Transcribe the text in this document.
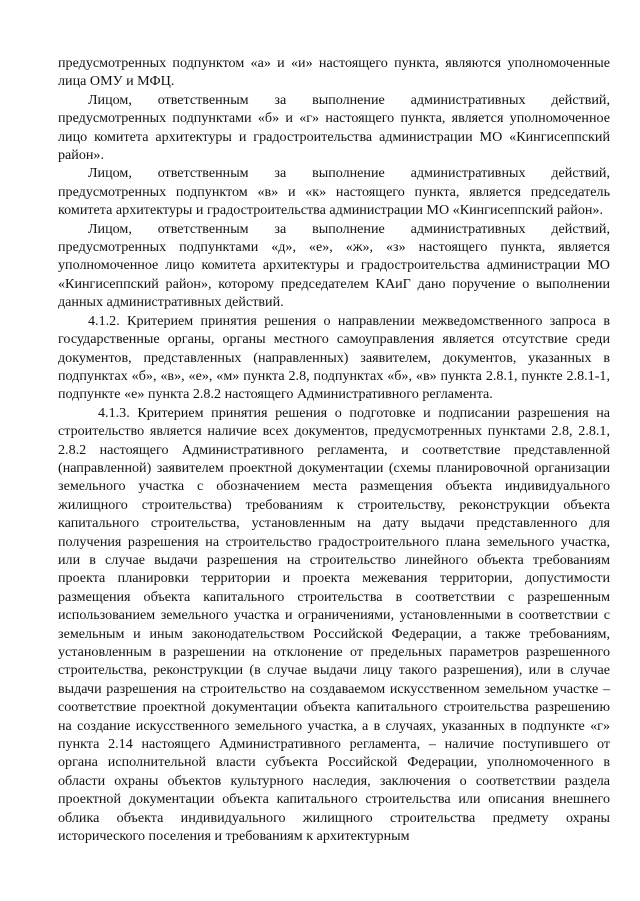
предусмотренных подпунктом «а» и «и» настоящего пункта, являются уполномоченные лица ОМУ и МФЦ.

Лицом, ответственным за выполнение административных действий, предусмотренных подпунктами «б» и «г» настоящего пункта, является уполномоченное лицо комитета архитектуры и градостроительства администрации МО «Кингисеппский район».

Лицом, ответственным за выполнение административных действий, предусмотренных подпунктом «в» и «к» настоящего пункта, является председатель комитета архитектуры и градостроительства администрации МО «Кингисеппский район».

Лицом, ответственным за выполнение административных действий, предусмотренных подпунктами «д», «е», «ж», «з» настоящего пункта, является уполномоченное лицо комитета архитектуры и градостроительства администрации МО «Кингисеппский район», которому председателем КАиГ дано поручение о выполнении данных административных действий.

4.1.2. Критерием принятия решения о направлении межведомственного запроса в государственные органы, органы местного самоуправления является отсутствие среди документов, представленных (направленных) заявителем, документов, указанных в подпунктах «б», «в», «е», «м» пункта 2.8, подпунктах «б», «в» пункта 2.8.1, пункте 2.8.1-1, подпункте «е» пункта 2.8.2 настоящего Административного регламента.

4.1.3. Критерием принятия решения о подготовке и подписании разрешения на строительство является наличие всех документов, предусмотренных пунктами 2.8, 2.8.1, 2.8.2 настоящего Административного регламента, и соответствие представленной (направленной) заявителем проектной документации (схемы планировочной организации земельного участка с обозначением места размещения объекта индивидуального жилищного строительства) требованиям к строительству, реконструкции объекта капитального строительства, установленным на дату выдачи представленного для получения разрешения на строительство градостроительного плана земельного участка, или в случае выдачи разрешения на строительство линейного объекта требованиям проекта планировки территории и проекта межевания территории, допустимости размещения объекта капитального строительства в соответствии с разрешенным использованием земельного участка и ограничениями, установленными в соответствии с земельным и иным законодательством Российской Федерации, а также требованиям, установленным в разрешении на отклонение от предельных параметров разрешенного строительства, реконструкции (в случае выдачи лицу такого разрешения), или в случае выдачи разрешения на строительство на создаваемом искусственном земельном участке – соответствие проектной документации объекта капитального строительства разрешению на создание искусственного земельного участка, а в случаях, указанных в подпункте «г» пункта 2.14 настоящего Административного регламента, – наличие поступившего от органа исполнительной власти субъекта Российской Федерации, уполномоченного в области охраны объектов культурного наследия, заключения о соответствии раздела проектной документации объекта капитального строительства или описания внешнего облика объекта индивидуального жилищного строительства предмету охраны исторического поселения и требованиям к архитектурным
